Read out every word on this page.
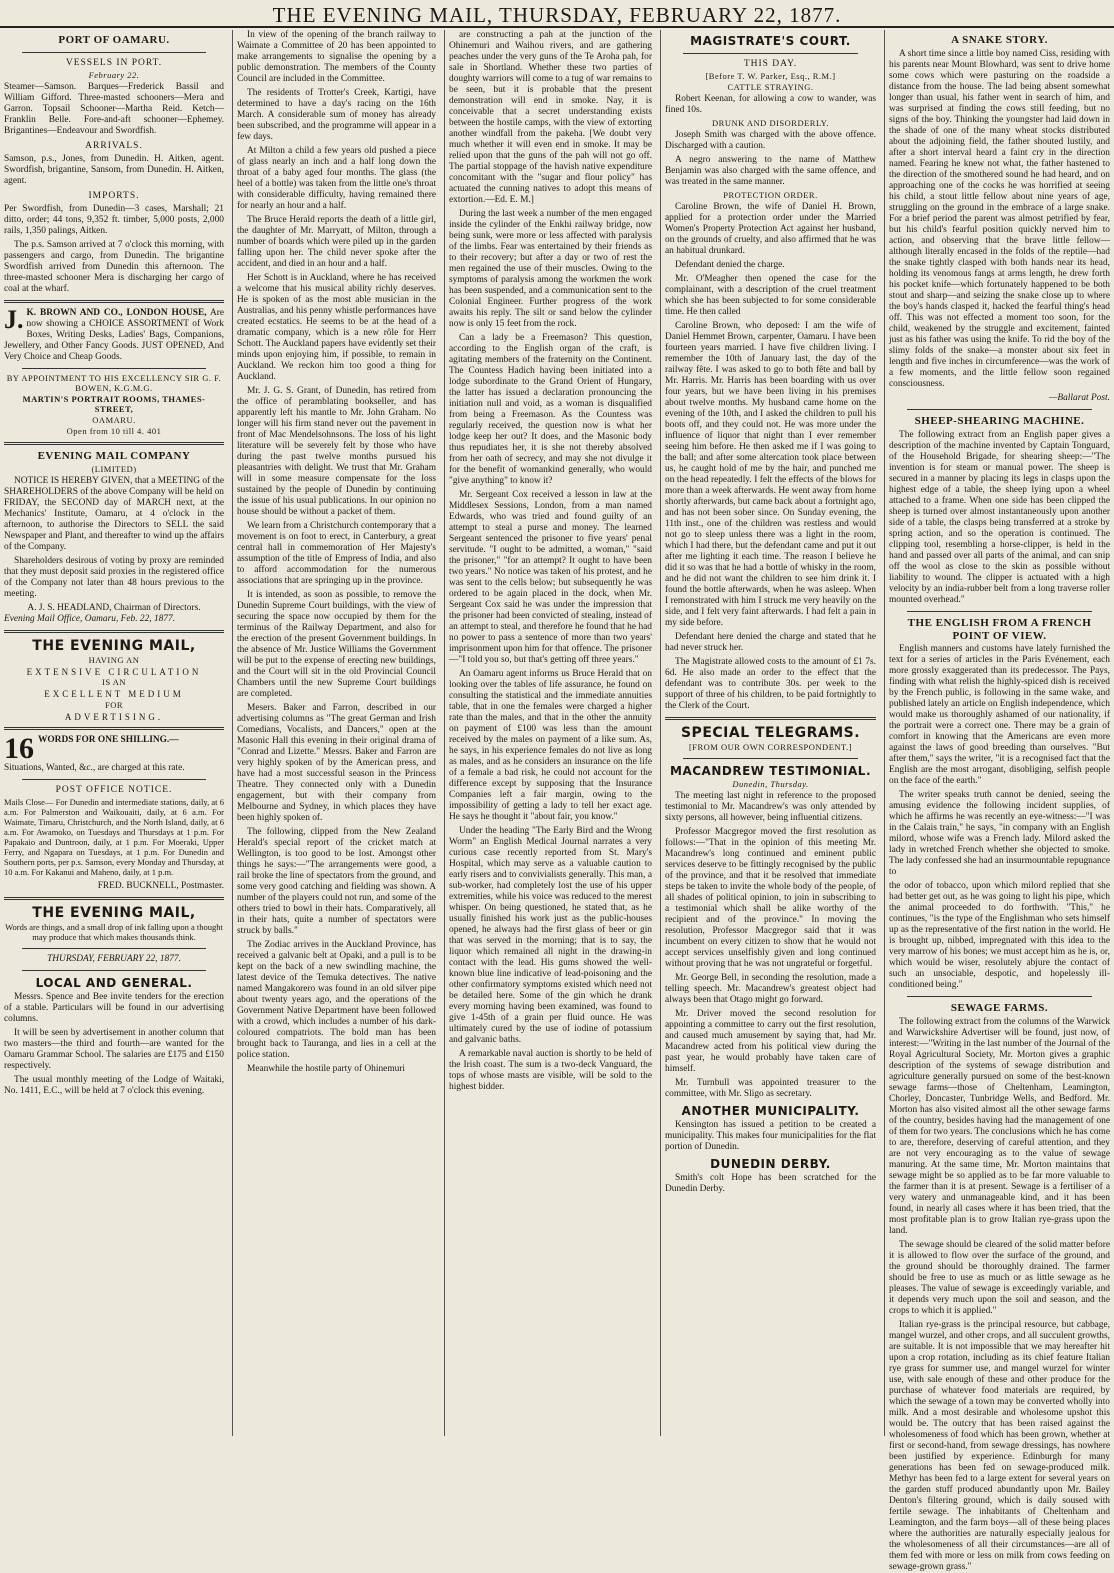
THE EVENING MAIL, THURSDAY, FEBRUARY 22, 1877.
PORT OF OAMARU.
VESSELS IN PORT.
February 22.

Steamer—Samson. Barques—Frederick Bassil and William Gifford. Three-masted schooners—Mera and Garron. Topsail Schooner—Martha Reid. Ketch—Franklin Belle. Fore-and-aft schooner—Ephemey. Brigantines—Endeavour and Swordfish.

ARRIVALS.

Samson, p.s., Jones, from Dunedin. H. Aitken, agent. Swordfish, brigantine, Sansom, from Dunedin. H. Aitken, agent.

IMPORTS.

Per Swordfish, from Dunedin—3 cases, Marshall; 21 ditto, order; 44 tons, 9,352 ft. timber, 5,000 posts, 2,000 rails, 1,350 palings, Aitken.

The p.s. Samson arrived at 7 o'clock this morning, with passengers and cargo, from Dunedin. The brigantine Swordfish arrived from Dunedin this afternoon. The three-masted schooner Mera is discharging her cargo of coal at the wharf.

J. K. BROWN AND CO., LONDON HOUSE, Are now showing a CHOICE ASSORTMENT of Work Boxes, Writing Desks, Ladies' Bags, Companions, Jewellery, and Other Fancy Goods. JUST OPENED, And Very Choice and Cheap Goods.

BY APPOINTMENT TO HIS EXCELLENCY SIR G. F. BOWEN, K.G.M.G.
MARTIN'S PORTRAIT ROOMS, THAMES-STREET,
OAMARU.
Open from 10 till 4. 401
EVENING MAIL COMPANY
(LIMITED)

NOTICE IS HEREBY GIVEN, that a MEETING of the SHAREHOLDERS of the above Company will be held on FRIDAY, the SECOND day of MARCH next, at the Mechanics' Institute, Oamaru, at 4 o'clock in the afternoon, to authorise the Directors to SELL the said Newspaper and Plant, and thereafter to wind up the affairs of the Company.

Shareholders desirous of voting by proxy are reminded that they must deposit said proxies in the registered office of the Company not later than 48 hours previous to the meeting.

A. J. S. HEADLAND, Chairman of Directors.

Evening Mail Office, Oamaru, Feb. 22, 1877.

THE EVENING MAIL,
HAVING AN
EXTENSIVE CIRCULATION
IS AN
EXCELLENT MEDIUM
FOR
ADVERTISING.

16 WORDS FOR ONE SHILLING.—

Situations, Wanted, &c., are charged at this rate.

POST OFFICE NOTICE.

Mails Close— For Dunedin and intermediate stations, daily, at 6 a.m. For Palmerston and Waikouaiti, daily, at 6 a.m. For Waimate, Timaru, Christchurch, and the North Island, daily, at 6 a.m. For Awamoko, on Tuesdays and Thursdays at 1 p.m. For Papakaio and Duntroon, daily, at 1 p.m. For Moeraki, Upper Ferry, and Ngapara on Tuesdays, at 1 p.m. For Dunedin and Southern ports, per p.s. Samson, every Monday and Thursday, at 10 a.m. For Kakanui and Maheno, daily, at 1 p.m.

FRED. BUCKNELL, Postmaster.
THE EVENING MAIL,

Words are things, and a small drop of ink falling upon a thought may produce that which makes thousands think.

THURSDAY, FEBRUARY 22, 1877.
LOCAL AND GENERAL.

Messrs. Spence and Bee invite tenders for the erection of a stable. Particulars will be found in our advertising columns.

It will be seen by advertisement in another column that two masters—the third and fourth—are wanted for the Oamaru Grammar School. The salaries are £175 and £150 respectively.

The usual monthly meeting of the Lodge of Waitaki, No. 1411, E.C., will be held at 7 o'clock this evening.

In view of the opening of the branch railway to Waimate a Committee of 20 has been appointed to make arrangements to signalise the opening by a public demonstration. The members of the County Council are included in the Committee.

The residents of Trotter's Creek, Kartigi, have determined to have a day's racing on the 16th March. A considerable sum of money has already been subscribed, and the programme will appear in a few days.

At Milton a child a few years old pushed a piece of glass nearly an inch and a half long down the throat of a baby aged four months. The glass (the heel of a bottle) was taken from the little one's throat with considerable difficulty, having remained there for nearly an hour and a half.

The Bruce Herald reports the death of a little girl, the daughter of Mr. Marryatt, of Milton, through a number of boards which were piled up in the garden falling upon her. The child never spoke after the accident, and died in an hour and a half.

Her Schott is in Auckland, where he has received a welcome that his musical ability richly deserves. He is spoken of as the most able musician in the Australias, and his penny whistle performances have created ecstatics. He seems to be at the head of a dramatic company, which is a new rôle for Herr Schott. The Auckland papers have evidently set their minds upon enjoying him, if possible, to remain in Auckland. We reckon him too good a thing for Auckland.

Mr. J. G. S. Grant, of Dunedin, has retired from the office of peramblating bookseller, and has apparently left his mantle to Mr. John Graham. No longer will his firm stand never out the pavement in front of Mac Mendelsohnsons. The loss of his light literature will be severely felt by those who have during the past twelve months pursued his pleasantries with delight. We trust that Mr. Graham will in some measure compensate for the loss sustained by the people of Dunedin by continuing the issue of his usual publications. In our opinion no house should be without a packet of them.

We learn from a Christchurch contemporary that a movement is on foot to erect, in Canterbury, a great central hall in commemoration of Her Majesty's assumption of the title of Empress of India, and also to afford accommodation for the numerous associations that are springing up in the province.

It is intended, as soon as possible, to remove the Dunedin Supreme Court buildings, with the view of securing the space now occupied by them for the terminus of the Railway Department, and also for the erection of the present Government buildings. In the absence of Mr. Justice Williams the Government will be put to the expense of erecting new buildings, and the Court will sit in the old Provincial Council Chambers until the new Supreme Court buildings are completed.

Mesers. Baker and Farron, described in our advertising columns as "The great German and Irish Comedians, Vocalists, and Dancers," open at the Masonic Hall this evening in their original drama of "Conrad and Lizette." Messrs. Baker and Farron are very highly spoken of by the American press, and have had a most successful season in the Princess Theatre. They connected only with a Dunedin engagement, but with their company from Melbourne and Sydney, in which places they have been highly spoken of.

The following, clipped from the New Zealand Herald's special report of the cricket match at Wellington, is too good to be lost. Amongst other things he says:—"The arrangements were good, a rail broke the line of spectators from the ground, and some very good catching and fielding was shown. A number of the players could not run, and some of the others tried to bowl in their hats. Comparatively, all in their hats, quite a number of spectators were struck by balls."

The Zodiac arrives in the Auckland Province, has received a galvanic belt at Opaki, and a pull is to be kept on the back of a new swindling machine, the latest device of the Temuka detectives. The native named Mangakorero was found in an old silver pipe about twenty years ago, and the operations of the Government Native Department have been followed with a crowd, which includes a number of his dark-coloured compatriots. The bold man has been brought back to Tauranga, and lies in a cell at the police station.

Meanwhile the hostile party of Ohinemuri

are constructing a pah at the junction of the Ohinemuri and Waihou rivers, and are gathering peaches under the very guns of the Te Aroha pah, for sale in Shortland. Whether these two parties of doughty warriors will come to a tug of war remains to be seen, but it is probable that the present demonstration will end in smoke. Nay, it is conceivable that a secret understanding exists between the hostile camps, with the view of extorting another windfall from the pakeha. [We doubt very much whether it will even end in smoke. It may be relied upon that the guns of the pah will not go off. The partial stoppage of the havish native expenditure concomitant with the "sugar and flour policy" has actuated the cunning natives to adopt this means of extortion.—Ed. E. M.]

During the last week a number of the men engaged inside the cylinder of the Enkhi railway bridge, now being sunk, were more or less affected with paralysis of the limbs. Fear was entertained by their friends as to their recovery; but after a day or two of rest the men regained the use of their muscles. Owing to the symptoms of paralysis among the workmen the work has been suspended, and a communication sent to the Colonial Engineer. Further progress of the work awaits his reply. The silt or sand below the cylinder now is only 15 feet from the rock.

Can a lady be a Freemason? This question, according to the English organ of the craft, is agitating members of the fraternity on the Continent. The Countess Hadich having been initiated into a lodge subordinate to the Grand Orient of Hungary, the latter has issued a declaration pronouncing the initiation null and void, as a woman is disqualified from being a Freemason. As the Countess was regularly received, the question now is what her lodge keep her out? It does, and the Masonic body thus repudiates her, it is she not thereby absolved from her oath of secrecy, and may she not divulge it for the benefit of womankind generally, who would "give anything" to know it?

Mr. Sergeant Cox received a lesson in law at the Middlesex Sessions, London, from a man named Edwards, who was tried and found guilty of an attempt to steal a purse and money. The learned Sergeant sentenced the prisoner to five years' penal servitude. "I ought to be admitted, a woman," "said the prisoner," "for an attempt? It ought to have been two years." No notice was taken of his protest, and he was sent to the cells below; but subsequently he was ordered to be again placed in the dock, when Mr. Sergeant Cox said he was under the impression that the prisoner had been convicted of stealing, instead of an attempt to steal, and therefore he found that he had no power to pass a sentence of more than two years' imprisonment upon him for that offence. The prisoner—"I told you so, but that's getting off three years."

An Oamaru agent informs us Bruce Herald that on looking over the tables of life assurance, he found on consulting the statistical and the immediate annuities table, that in one the females were charged a higher rate than the males, and that in the other the annuity on payment of £100 was less than the amount received by the males on payment of a like sum. As, he says, in his experience females do not live as long as males, and as he considers an insurance on the life of a female a bad risk, he could not account for the difference except by supposing that the Insurance Companies left a fair margin, owing to the impossibility of getting a lady to tell her exact age. He says he thought it "about fair, you know."

Under the heading "The Early Bird and the Wrong Worm" an English Medical Journal narrates a very curious case recently reported from St. Mary's Hospital, which may serve as a valuable caution to early risers and to convivialists generally. This man, a sub-worker, had completely lost the use of his upper extremities, while his voice was reduced to the merest whisper. On being questioned, he stated that, as he usually finished his work just as the public-houses opened, he always had the first glass of beer or gin that was served in the morning; that is to say, the liquor which remained all night in the drawing-in contact with the lead. His gums showed the well-known blue line indicative of lead-poisoning and the other confirmatory symptoms existed which need not be detailed here. Some of the gin which he drank every morning having been examined, was found to give 1-45th of a grain per fluid ounce. He was ultimately cured by the use of iodine of potassium and galvanic baths.

A remarkable naval auction is shortly to be held of the Irish coast. The sum is a two-deck Vanguard, the tops of whose masts are visible, will be sold to the highest bidder.

MAGISTRATE'S COURT.
THIS DAY.
[Before T. W. Parker, Esq., R.M.]
CATTLE STRAYING.

Robert Keenan, for allowing a cow to wander, was fined 10s.

DRUNK AND DISORDERLY.

Joseph Smith was charged with the above offence. Discharged with a caution.

A negro answering to the name of Matthew Benjamin was also charged with the same offence, and was treated in the same manner.

PROTECTION ORDER.

Caroline Brown, the wife of Daniel H. Brown, applied for a protection order under the Married Women's Property Protection Act against her husband, on the grounds of cruelty, and also affirmed that he was an habitual drunkard.

Defendant denied the charge.

Mr. O'Meagher then opened the case for the complainant, with a description of the cruel treatment which she has been subjected to for some considerable time. He then called

Caroline Brown, who deposed: I am the wife of Daniel Hemmet Brown, carpenter, Oamaru. I have been fourteen years married. I have five children living. I remember the 10th of January last, the day of the railway fête. I was asked to go to both fête and ball by Mr. Harris. Mr. Harris has been boarding with us over four years, but we have been living in his premises about twelve months. My husband came home on the evening of the 10th, and I asked the children to pull his boots off, and they could not. He was more under the influence of liquor that night than I ever remember seeing him before. He then asked me if I was going to the ball; and after some altercation took place between us, he caught hold of me by the hair, and punched me on the head repeatedly. I felt the effects of the blows for more than a week afterwards. He went away from home shortly afterwards, but came back about a fortnight ago, and has not been sober since. On Sunday evening, the 11th inst., one of the children was restless and would not go to sleep unless there was a light in the room, which I had there, but the defendant came and put it out after me lighting it each time. The reason I believe he did it so was that he had a bottle of whisky in the room, and he did not want the children to see him drink it. I found the bottle afterwards, when he was asleep. When I remonstrated with him I struck me very heavily on the side, and I felt very faint afterwards. I had felt a pain in my side before.

Defendant here denied the charge and stated that he had never struck her.

The Magistrate allowed costs to the amount of £1 7s. 6d. He also made an order to the effect that the defendant was to contribute 30s. per week to the support of three of his children, to be paid fortnightly to the Clerk of the Court.

SPECIAL TELEGRAMS.
[FROM OUR OWN CORRESPONDENT.]
MACANDREW TESTIMONIAL.
Dunedin, Thursday.

The meeting last night in reference to the proposed testimonial to Mr. Macandrew's was only attended by sixty persons, all however, being influential citizens.

Professor Macgregor moved the first resolution as follows:—"That in the opinion of this meeting Mr. Macandrew's long continued and eminent public services deserve to be fittingly recognised by the public of the province, and that it be resolved that immediate steps be taken to invite the whole body of the people, of all shades of political opinion, to join in subscribing to a testimonial which shall be alike worthy of the recipient and of the province." In moving the resolution, Professor Macgregor said that it was incumbent on every citizen to show that he would not accept services unselfishly given and long continued without proving that he was not ungrateful or forgetful.

Mr. George Bell, in seconding the resolution, made a telling speech. Mr. Macandrew's greatest object had always been that Otago might go forward.

Mr. Driver moved the second resolution for appointing a committee to carry out the first resolution, and caused much amusement by saying that, had Mr. Macandrew acted from his political view during the past year, he would probably have taken care of himself.

Mr. Turnbull was appointed treasurer to the committee, with Mr. Sligo as secretary.

ANOTHER MUNICIPALITY.

Kensington has issued a petition to be created a municipality. This makes four municipalities for the flat portion of Dunedin.

DUNEDIN DERBY.

Smith's colt Hope has been scratched for the Dunedin Derby.

A SNAKE STORY.

A short time since a little boy named Ciss, residing with his parents near Mount Blowhard, was sent to drive home some cows which were pasturing on the roadside a distance from the house. The lad being absent somewhat longer than usual, his father went in search of him, and was surprised at finding the cows still feeding, but no signs of the boy. Thinking the youngster had laid down in the shade of one of the many wheat stocks distributed about the adjoining field, the father shouted lustily, and after a short interval heard a faint cry in the direction named. Fearing he knew not what, the father hastened to the direction of the smothered sound he had heard, and on approaching one of the cocks he was horrified at seeing his child, a stout little fellow about nine years of age, struggling on the ground in the embrace of a large snake. For a brief period the parent was almost petrified by fear, but his child's fearful position quickly nerved him to action, and observing that the brave little fellow—although literally encased in the folds of the reptile—had the snake tightly clasped with both hands near its head, holding its venomous fangs at arms length, he drew forth his pocket knife—which fortunately happened to be both stout and sharp—and seizing the snake close up to where the boy's hands clasped it, hacked the fearful thing's head off. This was not effected a moment too soon, for the child, weakened by the struggle and excitement, fainted just as his father was using the knife. To rid the boy of the slimy folds of the snake—a monster about six feet in length and five inches in circumference—was the work of a few moments, and the little fellow soon regained consciousness.

—Ballarat Post.
SHEEP-SHEARING MACHINE.

The following extract from an English paper gives a description of the machine invented by Captain Tonguard, of the Household Brigade, for shearing sheep:—"The invention is for steam or manual power. The sheep is secured in a manner by placing its legs in clasps upon the highest edge of a table, the sheep lying upon a wheel attached to a frame. When one side has been clipped the sheep is turned over almost instantaneously upon another side of a table, the clasps being transferred at a stroke by spring action, and so the operation is continued. The clipping tool, resembling a horse-clipper, is held in the hand and passed over all parts of the animal, and can snip off the wool as close to the skin as possible without liability to wound. The clipper is actuated with a high velocity by an india-rubber belt from a long traverse roller mounted overhead."

THE ENGLISH FROM A FRENCH POINT OF VIEW.

English manners and customs have lately furnished the text for a series of articles in the Paris Evénement, each more grossly exaggerated than its predecessor. The Pays, finding with what relish the highly-spiced dish is received by the French public, is following in the same wake, and published lately an article on English independence, which would make us thoroughly ashamed of our nationality, if the portrait were a correct one. There may be a grain of comfort in knowing that the Americans are even more against the laws of good breeding than ourselves. "But after them," says the writer, "it is a recognised fact that the English are the most arrogant, disobliging, selfish people on the face of the earth."

The writer speaks truth cannot be denied, seeing the amusing evidence the following incident supplies, of which he affirms he was recently an eye-witness:—"I was in the Calais train," he says, "in company with an English milord, whose wife was a French lady. Milord asked the lady in wretched French whether she objected to smoke. The lady confessed she had an insurmountable repugnance to

the odor of tobacco, upon which milord replied that she had better get out, as he was going to light his pipe, which the animal proceeded to do forthwith. "This," he continues, "is the type of the Englishman who sets himself up as the representative of the first nation in the world. He is brought up, nibbed, impregnated with this idea to the very marrow of his bones; we must accept him as he is, or, which would be wiser, resolutely abjure the contact of such an unsociable, despotic, and hopelessly ill-conditioned being."

SEWAGE FARMS.

The following extract from the columns of the Warwick and Warwickshire Advertiser will be found, just now, of interest:—"Writing in the last number of the Journal of the Royal Agricultural Society, Mr. Morton gives a graphic description of the systems of sewage distribution and agriculture generally pursued on some of the best-known sewage farms—those of Cheltenham, Leamington, Chorley, Doncaster, Tunbridge Wells, and Bedford. Mr. Morton has also visited almost all the other sewage farms of the country, besides having had the management of one of them for two years. The conclusions which he has come to are, therefore, deserving of careful attention, and they are not very encouraging as to the value of sewage manuring. At the same time, Mr. Morton maintains that sewage might be so applied as to be far more valuable to the farmer than it is at present. Sewage is a fertiliser of a very watery and unmanageable kind, and it has been found, in nearly all cases where it has been tried, that the most profitable plan is to grow Italian rye-grass upon the land.

The sewage should be cleared of the solid matter before it is allowed to flow over the surface of the ground, and the ground should be thoroughly drained. The farmer should be free to use as much or as little sewage as he pleases. The value of sewage is exceedingly variable, and it depends very much upon the soil and season, and the crops to which it is applied."

Italian rye-grass is the principal resource, but cabbage, mangel wurzel, and other crops, and all succulent growths, are suitable. It is not impossible that we may hereafter hit upon a crop rotation, including as its chief feature Italian rye grass for summer use, and mangel wurzel for winter use, with sale enough of these and other produce for the purchase of whatever food materials are required, by which the sewage of a town may be converted wholly into milk. And a most desirable and wholesome upshot this would be. The outcry that has been raised against the wholesomeness of food which has been grown, whether at first or second-hand, from sewage dressings, has nowhere been justified by experience. Edinburgh for many generations has been fed on sewage-produced milk. Methyr has been fed to a large extent for several years on the garden stuff produced abundantly upon Mr. Bailey Denton's filtering ground, which is daily soused with fertile sewage. The inhabitants of Cheltenham and Leamington, and the farm boys—all of these being places where the authorities are naturally especially jealous for the wholesomeness of all their circumstances—are all of them fed with more or less on milk from cows feeding on sewage-grown grass."
